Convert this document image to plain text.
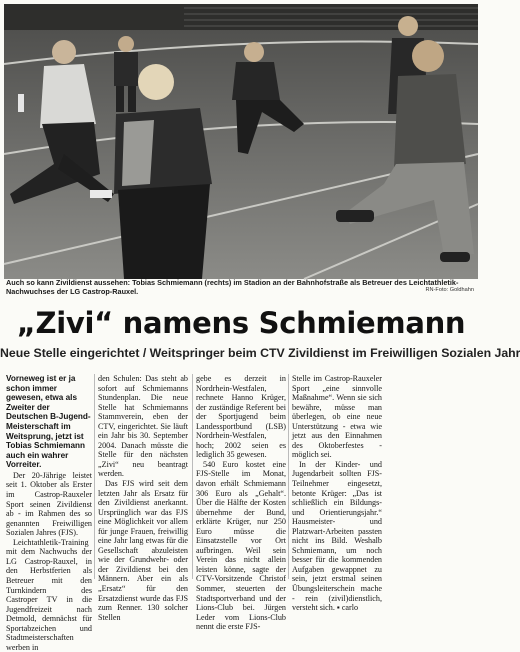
Auch so kann Zivildienst aussehen: Tobias Schmiemann (rechts) im Stadion an der Bahnhofstraße als Betreuer des Leichtathletik-Nachwuchses der LG Castrop-Rauxel.	RN-Foto: Goldhahn
„Zivi“ namens Schmiemann
Neue Stelle eingerichtet / Weitspringer beim CTV Zivildienst im Freiwilligen Sozialen Jahr

Vorneweg ist er ja schon immer gewesen, etwa als Zweiter der Deutschen B-Jugend-Meisterschaft im Weitsprung, jetzt ist Tobias Schmiemann auch ein wahrer Vorreiter.

Der 20-Jährige leistet seit 1. Oktober als Erster im Castrop-Rauxeler Sport seinen Zivildienst ab - im Rahmen des so genannten Freiwilligen Sozialen Jahres (FJS).

Leichtathletik-Training mit dem Nachwuchs der LG Castrop-Rauxel, in den Herbstferien als Betreuer mit den Turnkindern des Castroper TV in die Jugendfreizeit nach Detmold, demnächst für Sportabzeichen und Stadtmeisterschaften werben in

den Schulen: Das steht ab sofort auf Schmiemanns Stundenplan. Die neue Stelle hat Schmiemanns Stammverein, eben der CTV, eingerichtet. Sie läuft ein Jahr bis 30. September 2004. Danach müsste die Stelle für den nächsten „Zivi“ neu beantragt werden.

Das FJS wird seit dem letzten Jahr als Ersatz für den Zivildienst anerkannt. Ursprünglich war das FJS eine Möglichkeit vor allem für junge Frauen, freiwillig eine Jahr lang etwas für die Gesellschaft abzuleisten wie der Grundwehr- oder der Zivildienst bei den Männern. Aber ein als „Ersatz“ für den Ersatzdienst wurde das FJS zum Renner. 130 solcher Stellen

gebe es derzeit in Nordrhein-Westfalen, rechnete Hanno Krüger, der zuständige Referent bei der Sportjugend beim Landessportbund (LSB) Nordrhein-Westfalen, hoch; 2002 seien es lediglich 35 gewesen.

540 Euro kostet eine FJS-Stelle im Monat, davon erhält Schmiemann 306 Euro als „Gehalt“. Über die Hälfte der Kosten übernehme der Bund, erklärte Krüger, nur 250 Euro müsse die Einsatzstelle vor Ort aufbringen. Weil sein Verein das nicht allein leisten könne, sagte der CTV-Vorsitzende Christof Sommer, steuerten der Stadtsportverband und der Lions-Club bei. Jürgen Leder vom Lions-Club nennt die erste FJS-

Stelle im Castrop-Rauxeler Sport „eine sinnvolle Maßnahme“. Wenn sie sich bewähre, müsse man überlegen, ob eine neue Unterstützung - etwa wie jetzt aus den Einnahmen des Oktoberfestes - möglich sei.

In der Kinder- und Jugendarbeit sollten FJS-Teilnehmer eingesetzt, betonte Krüger: „Das ist schließlich ein Bildungs- und Orientierungsjahr.“ Hausmeister- und Platzwart-Arbeiten passten nicht ins Bild. Weshalb Schmiemann, um noch besser für die kommenden Aufgaben gewappnet zu sein, jetzt erstmal seinen Übungsleiterschein mache - rein (zivil)dienstlich, versteht sich. ▪ carlo
